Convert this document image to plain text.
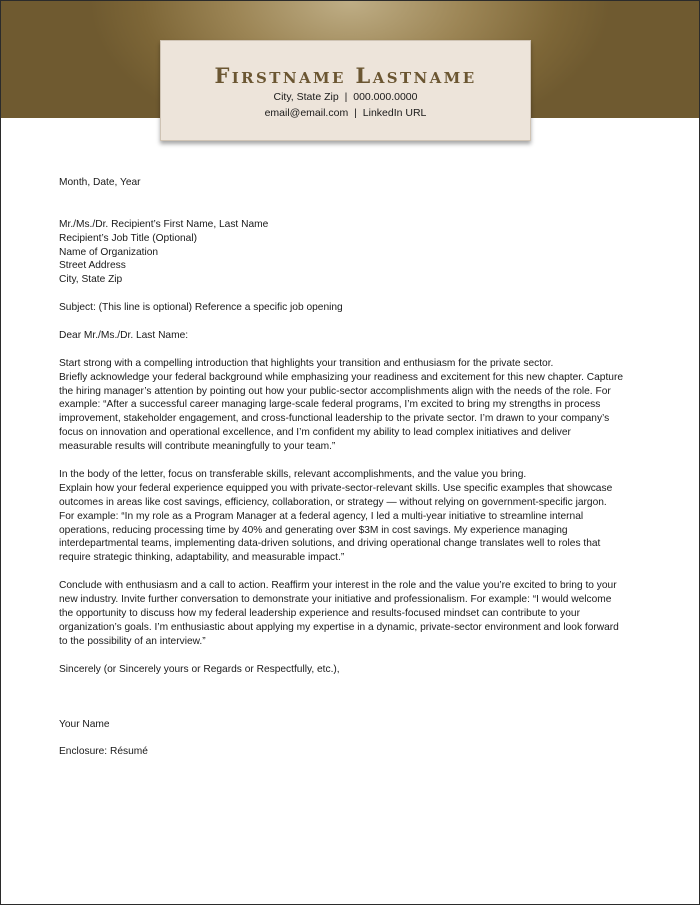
Firstname Lastname
City, State Zip | 000.000.0000
email@email.com | LinkedIn URL
Month, Date, Year
Mr./Ms./Dr. Recipient’s First Name, Last Name
Recipient’s Job Title (Optional)
Name of Organization
Street Address
City, State Zip
Subject: (This line is optional) Reference a specific job opening
Dear Mr./Ms./Dr. Last Name:
Start strong with a compelling introduction that highlights your transition and enthusiasm for the private sector.
Briefly acknowledge your federal background while emphasizing your readiness and excitement for this new chapter. Capture
the hiring manager’s attention by pointing out how your public-sector accomplishments align with the needs of the role. For
example: “After a successful career managing large-scale federal programs, I’m excited to bring my strengths in process
improvement, stakeholder engagement, and cross-functional leadership to the private sector. I’m drawn to your company’s
focus on innovation and operational excellence, and I’m confident my ability to lead complex initiatives and deliver
measurable results will contribute meaningfully to your team.”
In the body of the letter, focus on transferable skills, relevant accomplishments, and the value you bring.
Explain how your federal experience equipped you with private-sector-relevant skills. Use specific examples that showcase
outcomes in areas like cost savings, efficiency, collaboration, or strategy — without relying on government-specific jargon.
For example: “In my role as a Program Manager at a federal agency, I led a multi-year initiative to streamline internal
operations, reducing processing time by 40% and generating over $3M in cost savings. My experience managing
interdepartmental teams, implementing data-driven solutions, and driving operational change translates well to roles that
require strategic thinking, adaptability, and measurable impact.”
Conclude with enthusiasm and a call to action. Reaffirm your interest in the role and the value you’re excited to bring to your
new industry. Invite further conversation to demonstrate your initiative and professionalism. For example: “I would welcome
the opportunity to discuss how my federal leadership experience and results-focused mindset can contribute to your
organization’s goals. I’m enthusiastic about applying my expertise in a dynamic, private-sector environment and look forward
to the possibility of an interview.”
Sincerely (or Sincerely yours or Regards or Respectfully, etc.),
Your Name
Enclosure: Résumé
